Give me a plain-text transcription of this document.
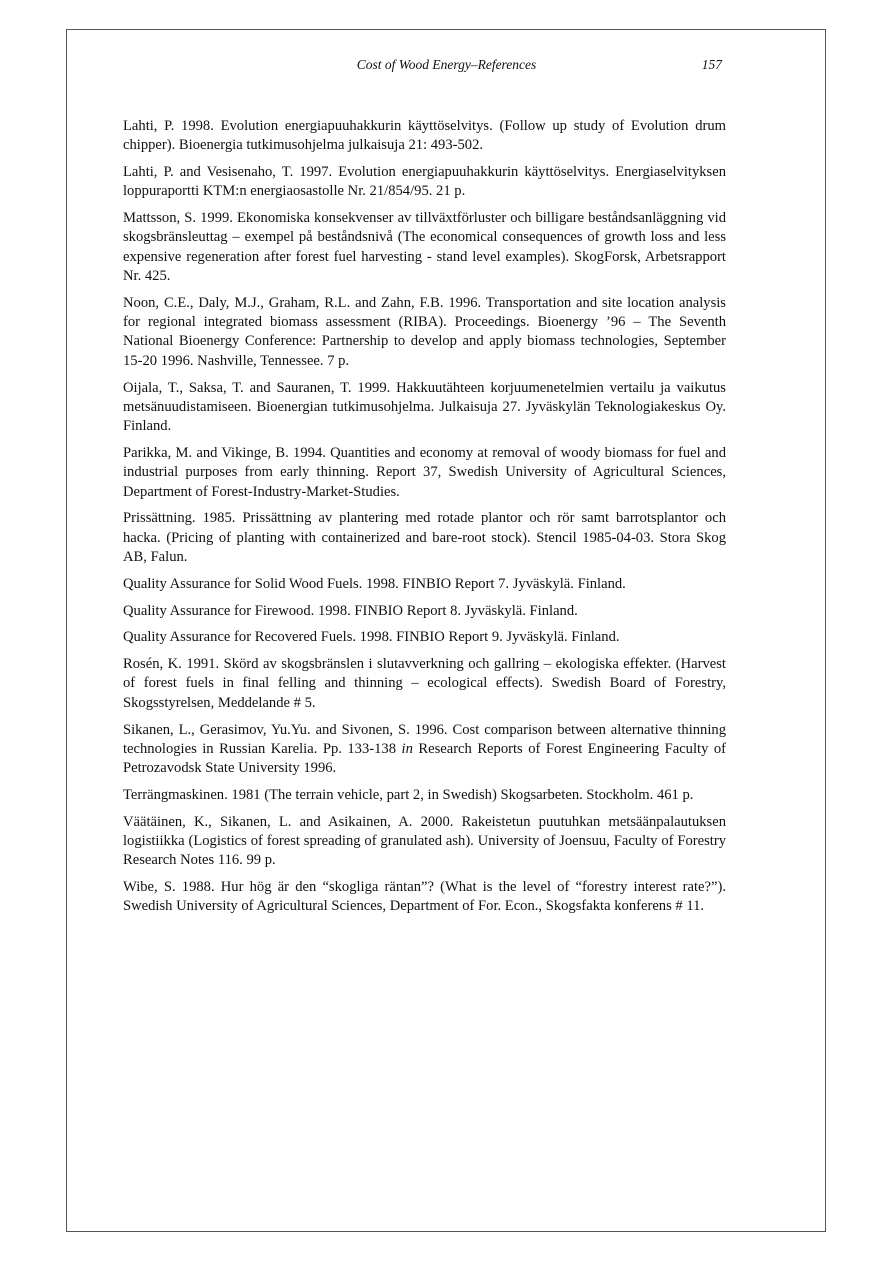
Cost of Wood Energy–References	157

Lahti, P. 1998. Evolution energiapuuhakkurin käyttöselvitys. (Follow up study of Evolution drum chipper). Bioenergia tutkimusohjelma julkaisuja 21: 493-502.

Lahti, P. and Vesisenaho, T. 1997. Evolution energiapuuhakkurin käyttöselvitys. Energiaselvityksen loppuraportti KTM:n energiaosastolle Nr. 21/854/95. 21 p.

Mattsson, S. 1999. Ekonomiska konsekvenser av tillväxtförluster och billigare beståndsanläggning vid skogsbränsleuttag – exempel på beståndsnivå (The economical consequences of growth loss and less expensive regeneration after forest fuel harvesting - stand level examples). SkogForsk, Arbetsrapport Nr. 425.

Noon, C.E., Daly, M.J., Graham, R.L. and Zahn, F.B. 1996. Transportation and site location analysis for regional integrated biomass assessment (RIBA). Proceedings. Bioenergy ’96 – The Seventh National Bioenergy Conference: Partnership to develop and apply biomass technologies, September 15-20 1996. Nashville, Tennessee. 7 p.

Oijala, T., Saksa, T. and Sauranen, T. 1999. Hakkuutähteen korjuumenetelmien vertailu ja vaikutus metsänuudistamiseen. Bioenergian tutkimusohjelma. Julkaisuja 27. Jyväskylän Teknologiakeskus Oy. Finland.

Parikka, M. and Vikinge, B. 1994. Quantities and economy at removal of woody biomass for fuel and industrial purposes from early thinning. Report 37, Swedish University of Agricultural Sciences, Department of Forest-Industry-Market-Studies.

Prissättning. 1985. Prissättning av plantering med rotade plantor och rör samt barrotsplantor och hacka. (Pricing of planting with containerized and bare-root stock). Stencil 1985-04-03. Stora Skog AB, Falun.

Quality Assurance for Solid Wood Fuels. 1998. FINBIO Report 7. Jyväskylä. Finland.

Quality Assurance for Firewood. 1998. FINBIO Report 8. Jyväskylä. Finland.

Quality Assurance for Recovered Fuels. 1998. FINBIO Report 9. Jyväskylä. Finland.

Rosén, K. 1991. Skörd av skogsbränslen i slutavverkning och gallring – ekologiska effekter. (Harvest of forest fuels in final felling and thinning – ecological effects). Swedish Board of Forestry, Skogsstyrelsen, Meddelande # 5.

Sikanen, L., Gerasimov, Yu.Yu. and Sivonen, S. 1996. Cost comparison between alternative thinning technologies in Russian Karelia. Pp. 133-138 in Research Reports of Forest Engineering Faculty of Petrozavodsk State University 1996.

Terrängmaskinen. 1981 (The terrain vehicle, part 2, in Swedish) Skogsarbeten. Stockholm. 461 p.

Väätäinen, K., Sikanen, L. and Asikainen, A. 2000. Rakeistetun puutuhkan metsäänpalautuksen logistiikka (Logistics of forest spreading of granulated ash). University of Joensuu, Faculty of Forestry Research Notes 116. 99 p.

Wibe, S. 1988. Hur hög är den “skogliga räntan”? (What is the level of “forestry interest rate?”). Swedish University of Agricultural Sciences, Department of For. Econ., Skogsfakta konferens # 11.
